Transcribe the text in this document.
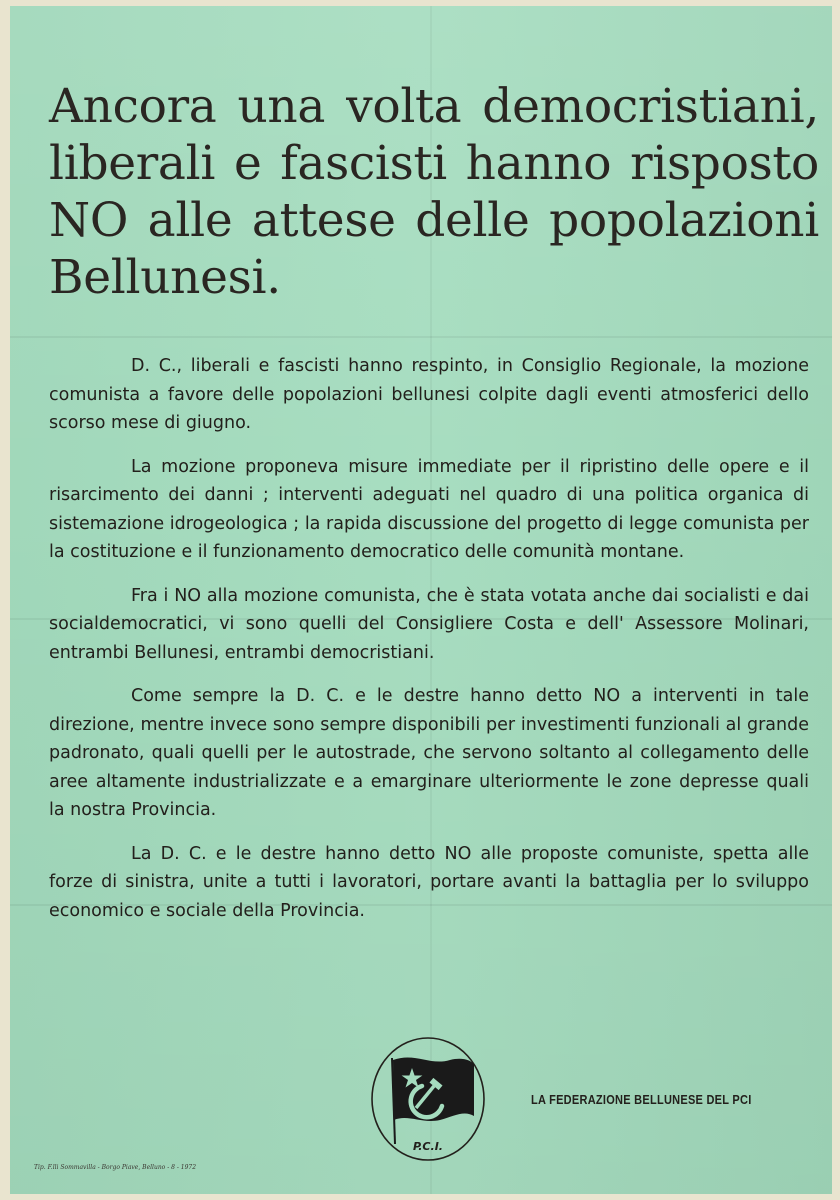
Ancora una volta democristiani, liberali e fascisti hanno risposto NO alle attese delle popolazioni Bellunesi.

D. C., liberali e fascisti hanno respinto, in Consiglio Regionale, la mozione comunista a favore delle popolazioni bellunesi colpite dagli eventi atmosferici dello scorso mese di giugno.

La mozione proponeva misure immediate per il ripristino delle opere e il risarcimento dei danni ; interventi adeguati nel quadro di una politica organica di sistemazione idrogeologica ; la rapida discussione del progetto di legge comunista per la costituzione e il funzionamento democratico delle comunità montane.

Fra i NO alla mozione comunista, che è stata votata anche dai socialisti e dai socialdemocratici, vi sono quelli del Consigliere Costa e dell' Assessore Molinari, entrambi Bellunesi, entrambi democristiani.

Come sempre la D. C. e le destre hanno detto NO a interventi in tale direzione, mentre invece sono sempre disponibili per investimenti funzionali al grande padronato, quali quelli per le autostrade, che servono soltanto al collegamento delle aree altamente industrializzate e a emarginare ulteriormente le zone depresse quali la nostra Provincia.

La D. C. e le destre hanno detto NO alle proposte comuniste, spetta alle forze di sinistra, unite a tutti i lavoratori, portare avanti la battaglia per lo sviluppo economico e sociale della Provincia.

P.C.I.
LA FEDERAZIONE BELLUNESE DEL PCI
Tip. F.lli Sommavilla - Borgo Piave, Belluno - 8 - 1972
